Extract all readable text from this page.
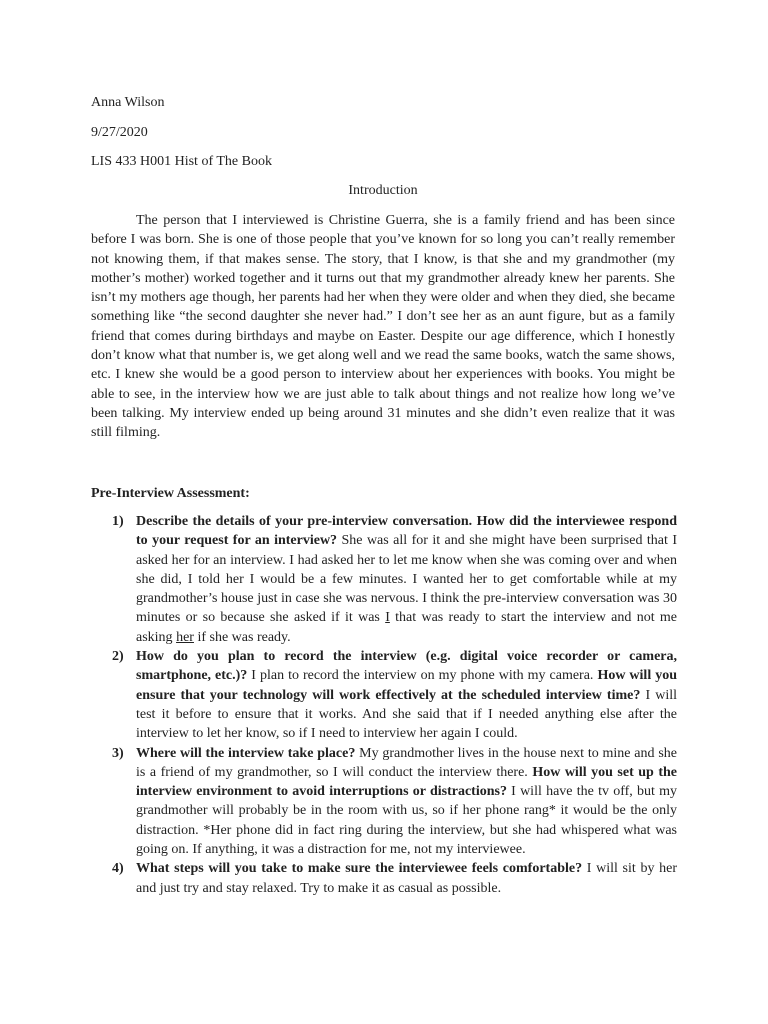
Anna Wilson
9/27/2020
LIS 433 H001 Hist of The Book
Introduction

The person that I interviewed is Christine Guerra, she is a family friend and has been since before I was born. She is one of those people that you’ve known for so long you can’t really remember not knowing them, if that makes sense. The story, that I know, is that she and my grandmother (my mother’s mother) worked together and it turns out that my grandmother already knew her parents. She isn’t my mothers age though, her parents had her when they were older and when they died, she became something like “the second daughter she never had.” I don’t see her as an aunt figure, but as a family friend that comes during birthdays and maybe on Easter. Despite our age difference, which I honestly don’t know what that number is, we get along well and we read the same books, watch the same shows, etc. I knew she would be a good person to interview about her experiences with books. You might be able to see, in the interview how we are just able to talk about things and not realize how long we’ve been talking. My interview ended up being around 31 minutes and she didn’t even realize that it was still filming.

Pre-Interview Assessment:
1) Describe the details of your pre-interview conversation. How did the interviewee respond to your request for an interview? She was all for it and she might have been surprised that I asked her for an interview. I had asked her to let me know when she was coming over and when she did, I told her I would be a few minutes. I wanted her to get comfortable while at my grandmother’s house just in case she was nervous. I think the pre-interview conversation was 30 minutes or so because she asked if it was I that was ready to start the interview and not me asking her if she was ready.
2) How do you plan to record the interview (e.g. digital voice recorder or camera, smartphone, etc.)? I plan to record the interview on my phone with my camera. How will you ensure that your technology will work effectively at the scheduled interview time? I will test it before to ensure that it works. And she said that if I needed anything else after the interview to let her know, so if I need to interview her again I could.
3) Where will the interview take place? My grandmother lives in the house next to mine and she is a friend of my grandmother, so I will conduct the interview there. How will you set up the interview environment to avoid interruptions or distractions? I will have the tv off, but my grandmother will probably be in the room with us, so if her phone rang* it would be the only distraction. *Her phone did in fact ring during the interview, but she had whispered what was going on. If anything, it was a distraction for me, not my interviewee.
4) What steps will you take to make sure the interviewee feels comfortable? I will sit by her and just try and stay relaxed. Try to make it as casual as possible.
